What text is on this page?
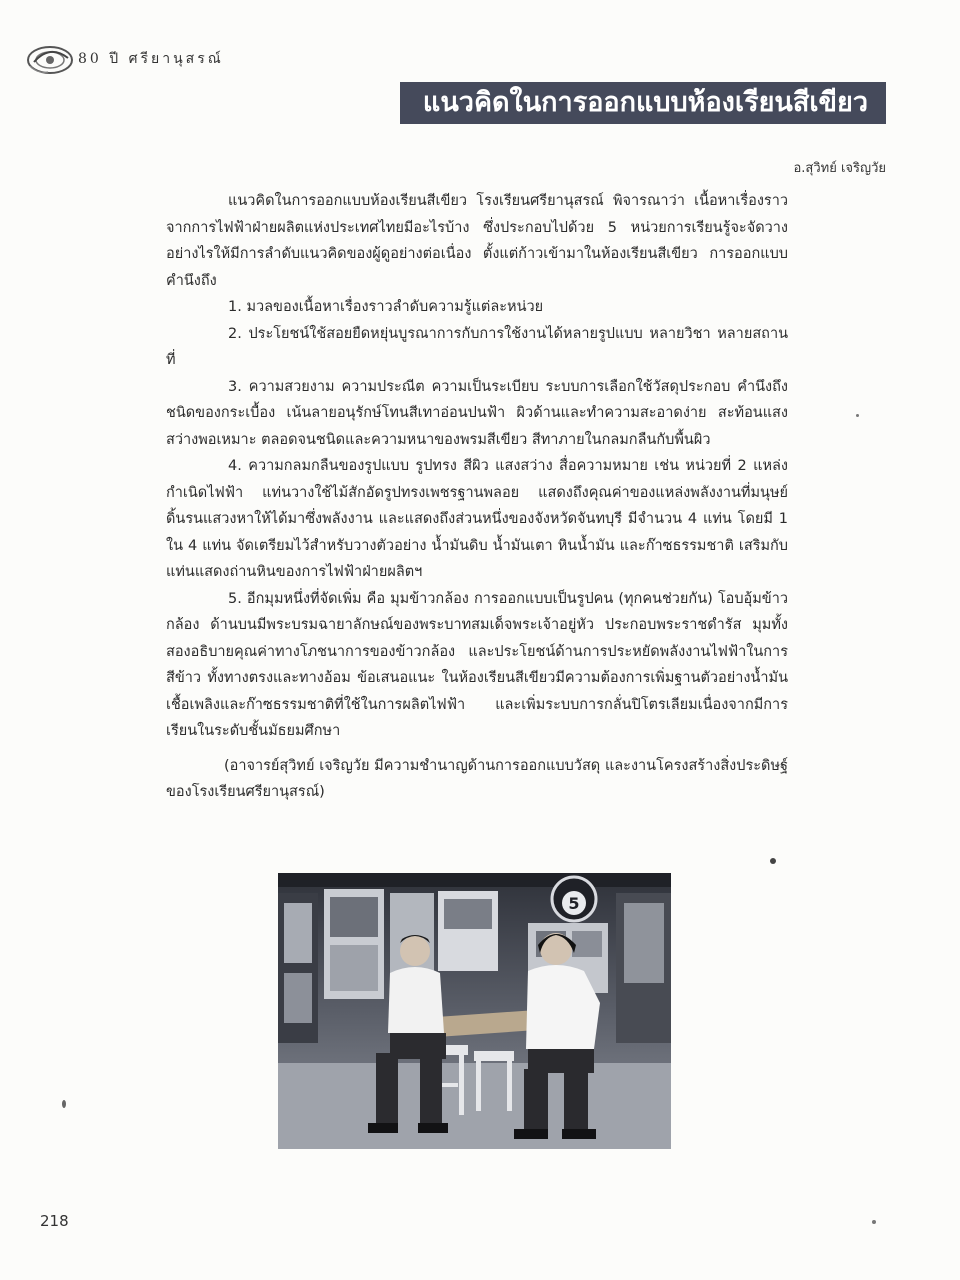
80 ปี ศรียานุสรณ์
แนวคิดในการออกแบบห้องเรียนสีเขียว
อ.สุวิทย์ เจริญวัย

แนวคิดในการออกแบบห้องเรียนสีเขียว โรงเรียนศรียานุสรณ์ พิจารณาว่า เนื้อหาเรื่องราวจากการไฟฟ้าฝ่ายผลิตแห่งประเทศไทยมีอะไรบ้าง ซึ่งประกอบไปด้วย 5 หน่วยการเรียนรู้จะจัดวางอย่างไรให้มีการลำดับแนวคิดของผู้ดูอย่างต่อเนื่อง ตั้งแต่ก้าวเข้ามาในห้องเรียนสีเขียว การออกแบบคำนึงถึง

1. มวลของเนื้อหาเรื่องราวลำดับความรู้แต่ละหน่วย

2. ประโยชน์ใช้สอยยืดหยุ่นบูรณาการกับการใช้งานได้หลายรูปแบบ หลายวิชา หลายสถานที่

3. ความสวยงาม ความประณีต ความเป็นระเบียบ ระบบการเลือกใช้วัสดุประกอบ คำนึงถึงชนิดของกระเบื้อง เน้นลายอนุรักษ์โทนสีเทาอ่อนปนฟ้า ผิวด้านและทำความสะอาดง่าย สะท้อนแสงสว่างพอเหมาะ ตลอดจนชนิดและความหนาของพรมสีเขียว สีทาภายในกลมกลืนกับพื้นผิว

4. ความกลมกลืนของรูปแบบ รูปทรง สีผิว แสงสว่าง สื่อความหมาย เช่น หน่วยที่ 2 แหล่งกำเนิดไฟฟ้า แท่นวางใช้ไม้สักอัดรูปทรงเพชรฐานพลอย แสดงถึงคุณค่าของแหล่งพลังงานที่มนุษย์ดิ้นรนแสวงหาให้ได้มาซึ่งพลังงาน และแสดงถึงส่วนหนึ่งของจังหวัดจันทบุรี มีจำนวน 4 แท่น โดยมี 1 ใน 4 แท่น จัดเตรียมไว้สำหรับวางตัวอย่าง น้ำมันดิบ น้ำมันเตา หินน้ำมัน และก๊าซธรรมชาติ เสริมกับแท่นแสดงถ่านหินของการไฟฟ้าฝ่ายผลิตฯ

5. อีกมุมหนึ่งที่จัดเพิ่ม คือ มุมข้าวกล้อง การออกแบบเป็นรูปคน (ทุกคนช่วยกัน) โอบอุ้มข้าวกล้อง ด้านบนมีพระบรมฉายาลักษณ์ของพระบาทสมเด็จพระเจ้าอยู่หัว ประกอบพระราชดำรัส มุมทั้งสองอธิบายคุณค่าทางโภชนาการของข้าวกล้อง และประโยชน์ด้านการประหยัดพลังงานไฟฟ้าในการสีข้าว ทั้งทางตรงและทางอ้อม ข้อเสนอแนะ ในห้องเรียนสีเขียวมีความต้องการเพิ่มฐานตัวอย่างน้ำมันเชื้อเพลิงและก๊าซธรรมชาติที่ใช้ในการผลิตไฟฟ้า และเพิ่มระบบการกลั่นปิโตรเลียมเนื่องจากมีการเรียนในระดับชั้นมัธยมศึกษา

(อาจารย์สุวิทย์ เจริญวัย มีความชำนาญด้านการออกแบบวัสดุ และงานโครงสร้างสิ่งประดิษฐ์ของโรงเรียนศรียานุสรณ์)

5
218
